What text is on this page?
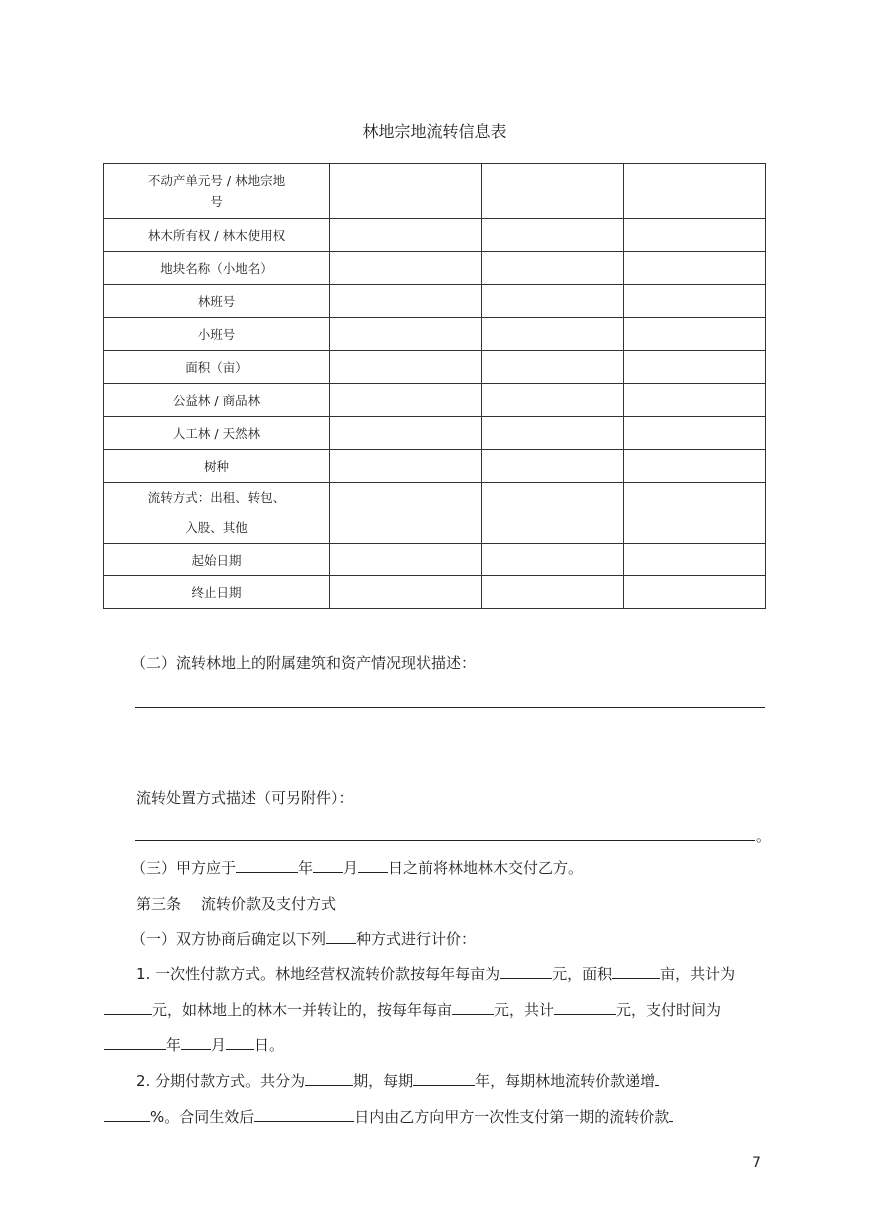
林地宗地流转信息表
不动产单元号 / 林地宗地
号			

林木所有权 / 林木使用权			
地块名称（小地名）			
林班号			
小班号			
面积（亩）			
公益林 / 商品林			
人工林 / 天然林			
树种			

流转方式：出租、转包、
入股、其他			

起始日期			
终止日期			
（二）流转林地上的附属建筑和资产情况现状描述：
流转处置方式描述（可另附件）：
。
（三）甲方应于	年 月 日之前将林地林木交付乙方。
第三条 流转价款及支付方式
（一）双方协商后确定以下列 种方式进行计价：
1. 一次性付款方式。林地经营权流转价款按每年每亩为	元，面积	亩，共计为
元，如林地上的林木一并转让的，按每年每亩	元，共计	元，支付时间为
年 月 日。
2. 分期付款方式。共分为	期，每期	年，每期林地流转价款递增
%。合同生效后	日内由乙方向甲方一次性支付第一期的流转价款
7
